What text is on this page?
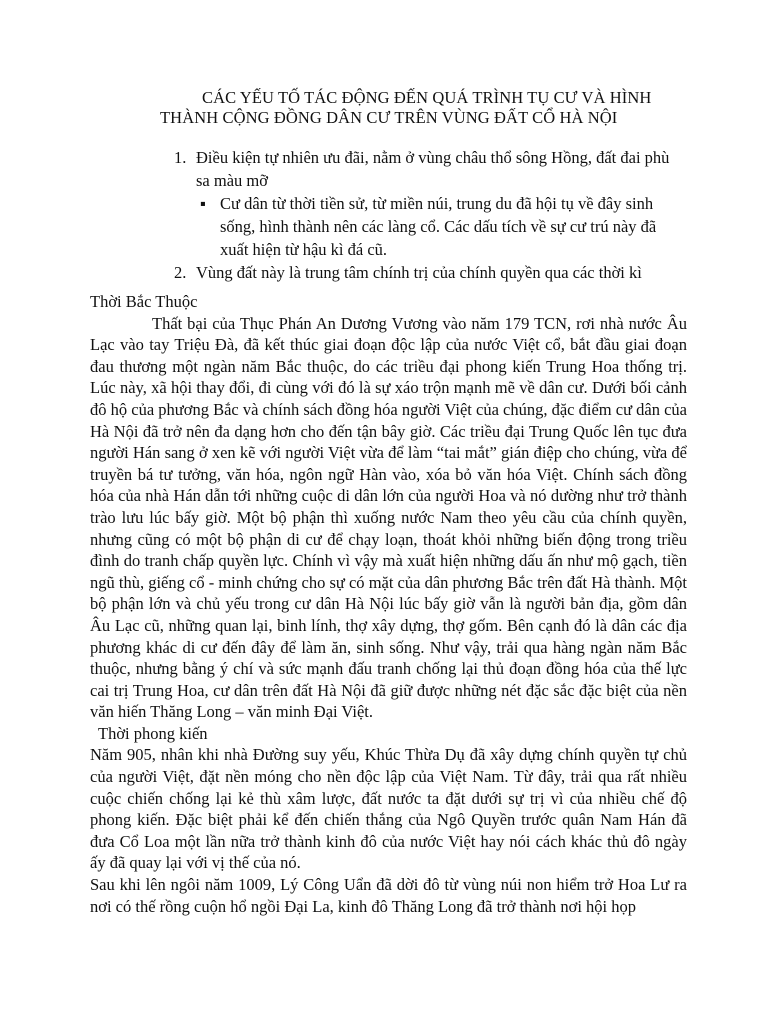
CÁC YẾU TỐ TÁC ĐỘNG ĐẾN QUÁ TRÌNH TỤ CƯ VÀ HÌNH
THÀNH CỘNG ĐỒNG DÂN CƯ TRÊN VÙNG ĐẤT CỔ HÀ NỘI
1. Điều kiện tự nhiên ưu đãi, nằm ở vùng châu thổ sông Hồng, đất đai phù sa màu mỡ
▪ Cư dân từ thời tiền sử, từ miền núi, trung du đã hội tụ về đây sinh sống, hình thành nên các làng cổ. Các dấu tích về sự cư trú này đã xuất hiện từ hậu kì đá cũ.
2. Vùng đất này là trung tâm chính trị của chính quyền qua các thời kì

Thời Bắc Thuộc

Thất bại của Thục Phán An Dương Vương vào năm 179 TCN, rơi nhà nước Âu Lạc vào tay Triệu Đà, đã kết thúc giai đoạn độc lập của nước Việt cổ, bắt đầu giai đoạn đau thương một ngàn năm Bắc thuộc, do các triều đại phong kiến Trung Hoa thống trị. Lúc này, xã hội thay đổi, đi cùng với đó là sự xáo trộn mạnh mẽ về dân cư. Dưới bối cảnh đô hộ của phương Bắc và chính sách đồng hóa người Việt của chúng, đặc điểm cư dân của Hà Nội đã trở nên đa dạng hơn cho đến tận bây giờ. Các triều đại Trung Quốc lên tục đưa người Hán sang ở xen kẽ với người Việt vừa để làm “tai mắt” gián điệp cho chúng, vừa để truyền bá tư tưởng, văn hóa, ngôn ngữ Hàn vào, xóa bỏ văn hóa Việt. Chính sách đồng hóa của nhà Hán dẫn tới những cuộc di dân lớn của người Hoa và nó dường như trở thành trào lưu lúc bấy giờ. Một bộ phận thì xuống nước Nam theo yêu cầu của chính quyền, nhưng cũng có một bộ phận di cư để chạy loạn, thoát khỏi những biến động trong triều đình do tranh chấp quyền lực. Chính vì vậy mà xuất hiện những dấu ấn như mộ gạch, tiền ngũ thù, giếng cổ - minh chứng cho sự có mặt của dân phương Bắc trên đất Hà thành. Một bộ phận lớn và chủ yếu trong cư dân Hà Nội lúc bấy giờ vẫn là người bản địa, gồm dân Âu Lạc cũ, những quan lại, binh lính, thợ xây dựng, thợ gốm. Bên cạnh đó là dân các địa phương khác di cư đến đây để làm ăn, sinh sống. Như vậy, trải qua hàng ngàn năm Bắc thuộc, nhưng bằng ý chí và sức mạnh đấu tranh chống lại thủ đoạn đồng hóa của thế lực cai trị Trung Hoa, cư dân trên đất Hà Nội đã giữ được những nét đặc sắc đặc biệt của nền văn hiến Thăng Long – văn minh Đại Việt.

Thời phong kiến

Năm 905, nhân khi nhà Đường suy yếu, Khúc Thừa Dụ đã xây dựng chính quyền tự chủ của người Việt, đặt nền móng cho nền độc lập của Việt Nam. Từ đây, trải qua rất nhiều cuộc chiến chống lại kẻ thù xâm lược, đất nước ta đặt dưới sự trị vì của nhiều chế độ phong kiến. Đặc biệt phải kể đến chiến thắng của Ngô Quyền trước quân Nam Hán đã đưa Cổ Loa một lần nữa trở thành kinh đô của nước Việt hay nói cách khác thủ đô ngày ấy đã quay lại với vị thế của nó.

Sau khi lên ngôi năm 1009, Lý Công Uẩn đã dời đô từ vùng núi non hiểm trở Hoa Lư ra nơi có thế rồng cuộn hổ ngồi Đại La, kinh đô Thăng Long đã trở thành nơi hội họp
